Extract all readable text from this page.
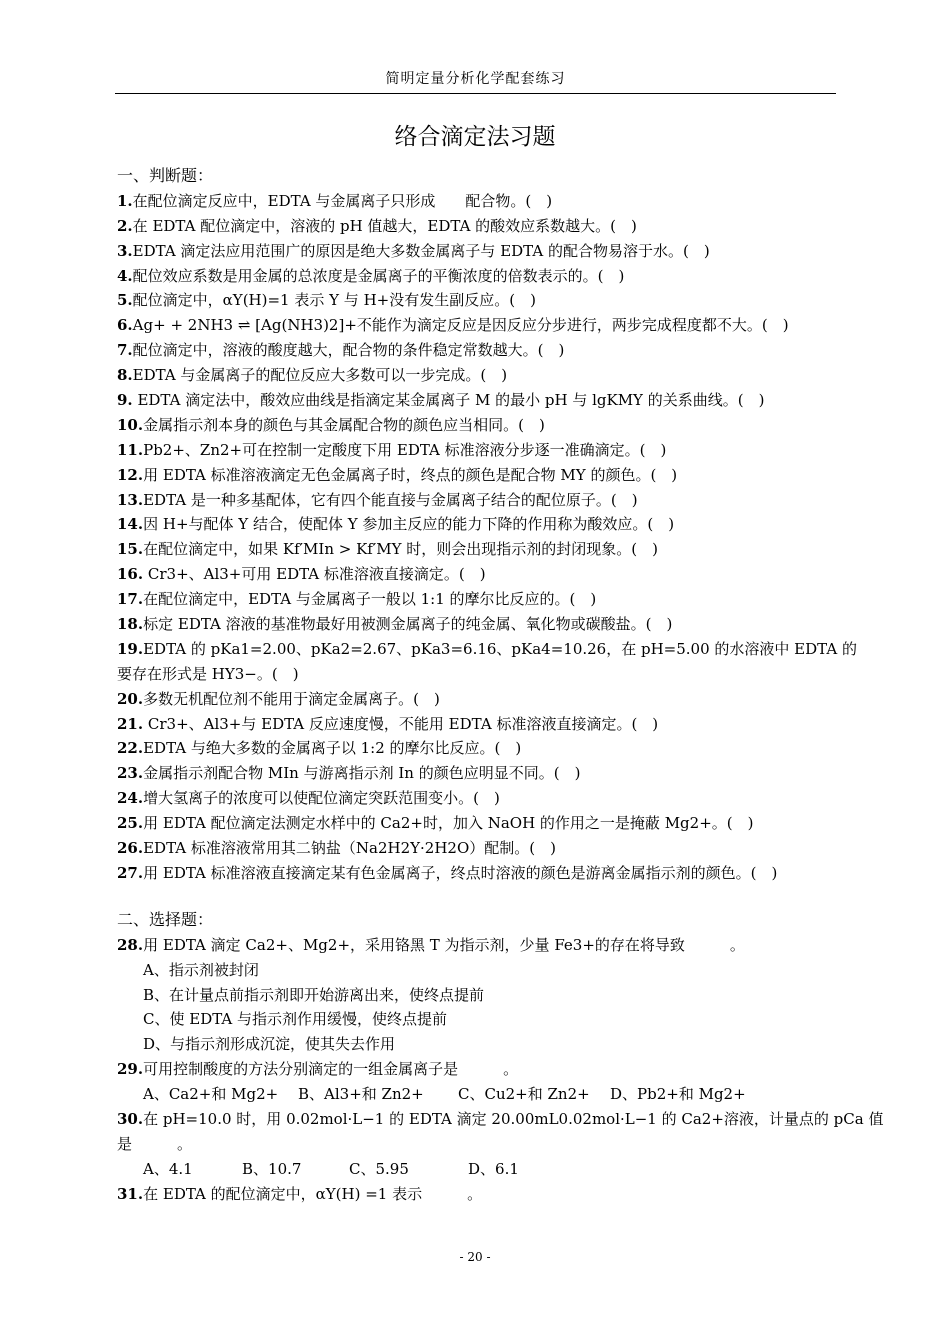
简明定量分析化学配套练习
络合滴定法习题
一、判断题：
1.在配位滴定反应中，EDTA 与金属离子只形成　　配合物。(　)
2.在 EDTA 配位滴定中，溶液的 pH 值越大，EDTA 的酸效应系数越大。(　)
3.EDTA 滴定法应用范围广的原因是绝大多数金属离子与 EDTA 的配合物易溶于水。(　)
4.配位效应系数是用金属的总浓度是金属离子的平衡浓度的倍数表示的。(　)
5.配位滴定中，αY(H)=1 表示 Y 与 H+没有发生副反应。(　)
6.Ag+ + 2NH3 ⇌ [Ag(NH3)2]+不能作为滴定反应是因反应分步进行，两步完成程度都不大。(　)
7.配位滴定中，溶液的酸度越大，配合物的条件稳定常数越大。(　)
8.EDTA 与金属离子的配位反应大多数可以一步完成。(　)
9. EDTA 滴定法中，酸效应曲线是指滴定某金属离子 M 的最小 pH 与 lgKMY 的关系曲线。(　)
10.金属指示剂本身的颜色与其金属配合物的颜色应当相同。(　)
11.Pb2+、Zn2+可在控制一定酸度下用 EDTA 标准溶液分步逐一准确滴定。(　)
12.用 EDTA 标准溶液滴定无色金属离子时，终点的颜色是配合物 MY 的颜色。(　)
13.EDTA 是一种多基配体，它有四个能直接与金属离子结合的配位原子。(　)
14.因 H+与配体 Y 结合，使配体 Y 参加主反应的能力下降的作用称为酸效应。(　)
15.在配位滴定中，如果 Kf′MIn > Kf′MY 时，则会出现指示剂的封闭现象。(　)
16. Cr3+、Al3+可用 EDTA 标准溶液直接滴定。(　)
17.在配位滴定中，EDTA 与金属离子一般以 1:1 的摩尔比反应的。(　)
18.标定 EDTA 溶液的基准物最好用被测金属离子的纯金属、氧化物或碳酸盐。(　)
19.EDTA 的 pKa1=2.00、pKa2=2.67、pKa3=6.16、pKa4=10.26，在 pH=5.00 的水溶液中 EDTA 的
要存在形式是 HY3−。(　)
20.多数无机配位剂不能用于滴定金属离子。(　)
21. Cr3+、Al3+与 EDTA 反应速度慢，不能用 EDTA 标准溶液直接滴定。(　)
22.EDTA 与绝大多数的金属离子以 1:2 的摩尔比反应。(　)
23.金属指示剂配合物 MIn 与游离指示剂 In 的颜色应明显不同。(　)
24.增大氢离子的浓度可以使配位滴定突跃范围变小。(　)
25.用 EDTA 配位滴定法测定水样中的 Ca2+时，加入 NaOH 的作用之一是掩蔽 Mg2+。(　)
26.EDTA 标准溶液常用其二钠盐（Na2H2Y·2H2O）配制。(　)
27.用 EDTA 标准溶液直接滴定某有色金属离子，终点时溶液的颜色是游离金属指示剂的颜色。(　)
二、选择题：
28.用 EDTA 滴定 Ca2+、Mg2+，采用铬黑 T 为指示剂，少量 Fe3+的存在将导致　　　。
A、指示剂被封闭
B、在计量点前指示剂即开始游离出来，使终点提前
C、使 EDTA 与指示剂作用缓慢，使终点提前
D、与指示剂形成沉淀，使其失去作用
29.可用控制酸度的方法分别滴定的一组金属离子是　　　。
A、Ca2+和 Mg2+ B、Al3+和 Zn2+ C、Cu2+和 Zn2+ D、Pb2+和 Mg2+
30.在 pH=10.0 时，用 0.02mol·L−1 的 EDTA 滴定 20.00mL0.02mol·L−1 的 Ca2+溶液，计量点的 pCa 值
是　　　。
A、4.1	B、10.7	C、5.95	D、6.1
31.在 EDTA 的配位滴定中，αY(H) =1 表示　　　。
- 20 -
